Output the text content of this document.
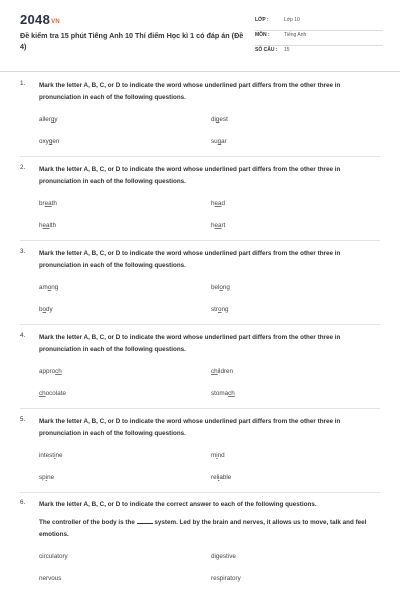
2048VN
Đề kiểm tra 15 phút Tiếng Anh 10 Thí điểm Học kì 1 có đáp án (Đề 4)
LỚP :	Lớp 10
MÔN :	Tiếng Anh
SỐ CÂU : 15
1. Mark the letter A, B, C, or D to indicate the word whose underlined part differs from the other three in pronunciation in each of the following questions.
allergy	digest
oxygen	sugar
2. Mark the letter A, B, C, or D to indicate the word whose underlined part differs from the other three in pronunciation in each of the following questions.
breath	head
health	heart
3. Mark the letter A, B, C, or D to indicate the word whose underlined part differs from the other three in pronunciation in each of the following questions.
among	belong
body	strong
4. Mark the letter A, B, C, or D to indicate the word whose underlined part differs from the other three in pronunciation in each of the following questions.
approch	children
chocolate	stomach
5. Mark the letter A, B, C, or D to indicate the word whose underlined part differs from the other three in pronunciation in each of the following questions.
intestine	mind
spine	reliable
6. Mark the letter A, B, C, or D to indicate the correct answer to each of the following questions.
The controller of the body is the	system. Led by the brain and nerves, it allows us to move, talk and feel emotions.
circulatory	digestive
nervous	respiratory
